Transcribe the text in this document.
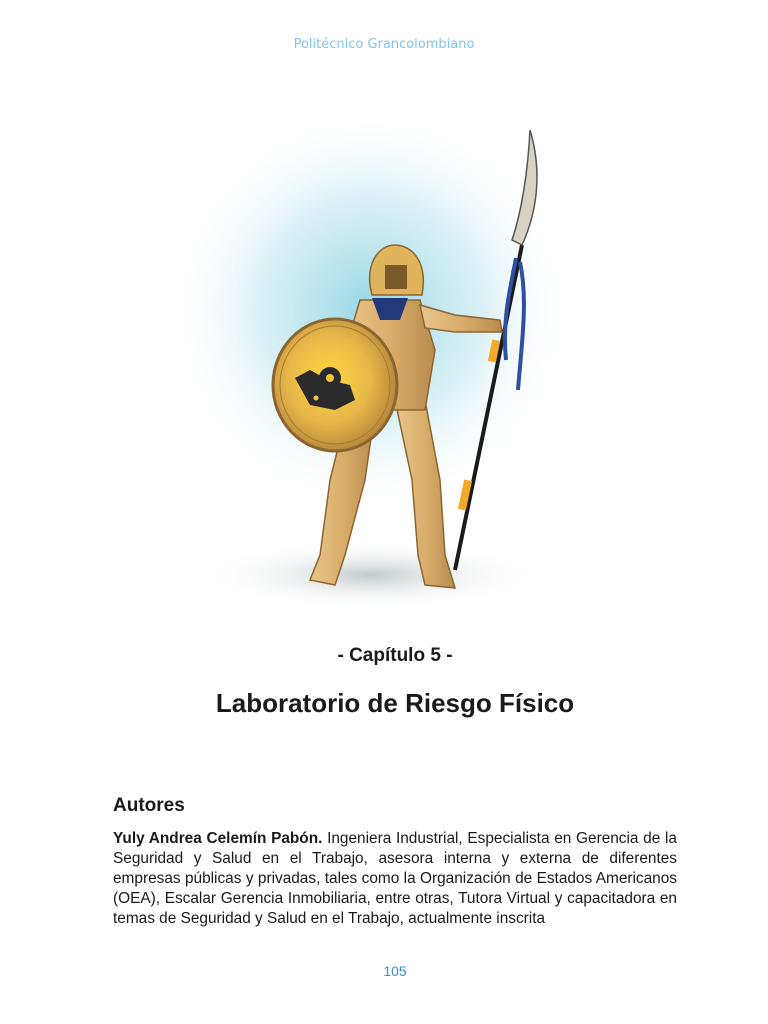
Politécnico Grancolombiano
- Capítulo 5 -
Laboratorio de Riesgo Físico
Autores

Yuly Andrea Celemín Pabón. Ingeniera Industrial, Especialista en Gerencia de la Seguridad y Salud en el Trabajo, asesora interna y externa de diferentes empresas públicas y privadas, tales como la Organización de Estados Americanos (OEA), Escalar Gerencia Inmobiliaria, entre otras, Tutora Virtual y capacitadora en temas de Seguridad y Salud en el Trabajo, actualmente inscrita

105
